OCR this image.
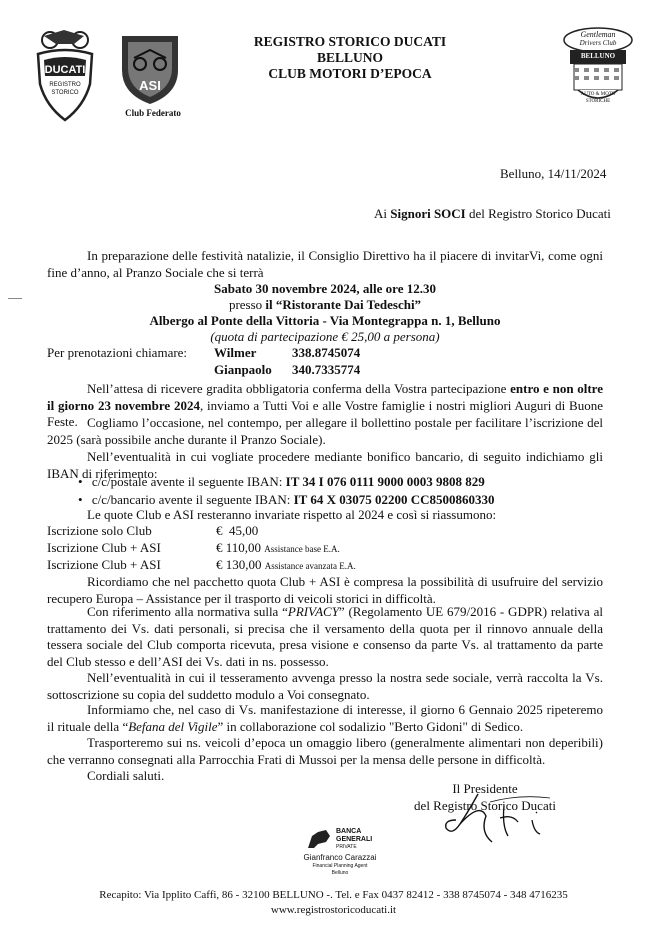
DUCATI
REGISTRO
STORICO	ASI
Club Federato
REGISTRO STORICO DUCATI
BELLUNO
CLUB MOTORI D’EPOCA
Gentleman
Drivers Club
BELLUNO
AUTO & MOTO
STORICHE
Belluno, 14/11/2024
Ai Signori SOCI del Registro Storico Ducati
In preparazione delle festività natalizie, il Consiglio Direttivo ha il piacere di invitarVi, come ogni fine d’anno, al Pranzo Sociale che si terrà
Sabato 30 novembre 2024, alle ore 12.30
presso il “Ristorante Dai Tedeschi”
Albergo al Ponte della Vittoria - Via Montegrappa n. 1, Belluno
(quota di partecipazione € 25,00 a persona)
Per prenotazioni chiamare: Wilmer	338.8745074
Gianpaolo 340.7335774
Nell’attesa di ricevere gradita obbligatoria conferma della Vostra partecipazione entro e non oltre il giorno 23 novembre 2024, inviamo a Tutti Voi e alle Vostre famiglie i nostri migliori Auguri di Buone Feste. Cogliamo l’occasione, nel contempo, per allegare il bollettino postale per facilitare l’iscrizione del 2025 (sarà possibile anche durante il Pranzo Sociale).
Nell’eventualità in cui vogliate procedere mediante bonifico bancario, di seguito indichiamo gli IBAN di riferimento:
• c/c/postale avente il seguente IBAN: IT 34 I 076 0111 9000 0003 9808 829
• c/c/bancario avente il seguente IBAN: IT 64 X 03075 02200 CC8500860330
Le quote Club e ASI resteranno invariate rispetto al 2024 e così si riassumono:
Iscrizione solo Club	€  45,00
Iscrizione Club + ASI	€ 110,00 Assistance base E.A.
Iscrizione Club + ASI	€ 130,00 Assistance avanzata E.A.
Ricordiamo che nel pacchetto quota Club + ASI è compresa la possibilità di usufruire del servizio recupero Europa – Assistance per il trasporto di veicoli storici in difficoltà.
Con riferimento alla normativa sulla “PRIVACY” (Regolamento UE 679/2016 - GDPR) relativa al trattamento dei Vs. dati personali, si precisa che il versamento della quota per il rinnovo annuale della tessera sociale del Club comporta ricevuta, presa visione e consenso da parte Vs. al trattamento da parte del Club stesso e dell’ASI dei Vs. dati in ns. possesso.
Nell’eventualità in cui il tesseramento avvenga presso la nostra sede sociale, verrà raccolta la Vs. sottoscrizione su copia del suddetto modulo a Voi consegnato.
Informiamo che, nel caso di Vs. manifestazione di interesse, il giorno 6 Gennaio 2025 ripeteremo il rituale della “Befana del Vigile” in collaborazione col sodalizio "Berto Gidoni" di Sedico.
Trasporteremo sui ns. veicoli d’epoca un omaggio libero (generalmente alimentari non deperibili) che verranno consegnati alla Parrocchia Frati di Mussoi per la mensa delle persone in difficoltà.
Cordiali saluti.
Il Presidente
del Registro Storico Ducati
BANCA
GENERALI
PRIVATE
Gianfranco Carazzai
Financial Planning Agent
Belluno
Recapito: Via Ipplito Caffi, 86 - 32100 BELLUNO -. Tel. e Fax 0437 82412 - 338 8745074 - 348 4716235
www.registrostoricoducati.it
